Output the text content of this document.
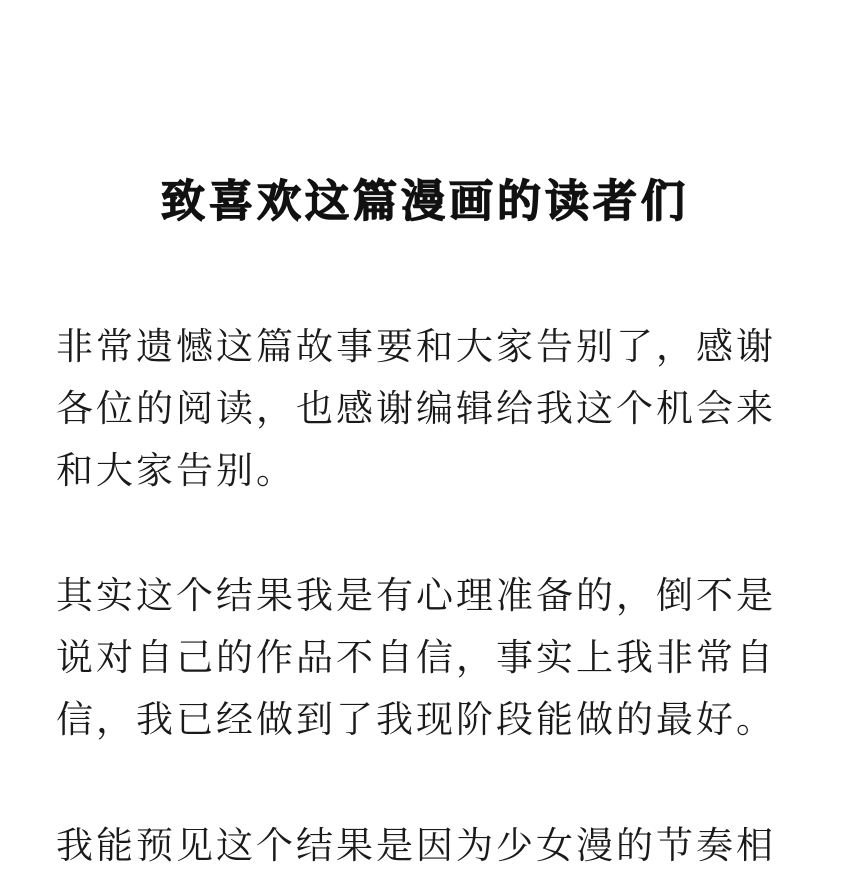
致喜欢这篇漫画的读者们
非常遗憾这篇故事要和大家告别了，感谢
各位的阅读，也感谢编辑给我这个机会来
和大家告别。
其实这个结果我是有心理准备的，倒不是
说对自己的作品不自信，事实上我非常自
信，我已经做到了我现阶段能做的最好。
我能预见这个结果是因为少女漫的节奏相
